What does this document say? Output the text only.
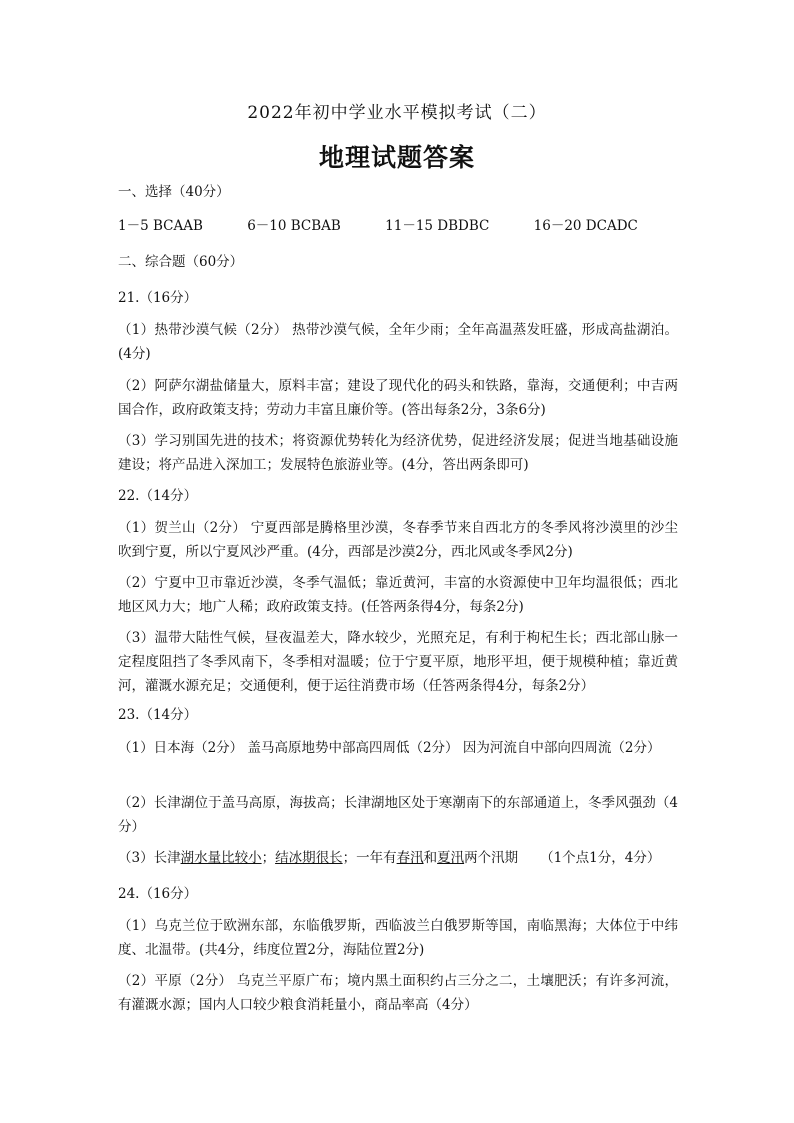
2022年初中学业水平模拟考试（二）
地理试题答案
一、选择（40分）
1－5 BCAAB	6－10 BCBAB	11－15 DBDBC	16－20 DCADC
二、综合题（60分）
21.（16分）
（1）热带沙漠气候（2分） 热带沙漠气候，全年少雨；全年高温蒸发旺盛，形成高盐湖泊。(4分)
（2）阿萨尔湖盐储量大，原料丰富；建设了现代化的码头和铁路，靠海，交通便利；中吉两国合作，政府政策支持；劳动力丰富且廉价等。(答出每条2分，3条6分)
（3）学习别国先进的技术；将资源优势转化为经济优势，促进经济发展；促进当地基础设施建设；将产品进入深加工；发展特色旅游业等。(4分，答出两条即可)
22.（14分）
（1）贺兰山（2分） 宁夏西部是腾格里沙漠，冬春季节来自西北方的冬季风将沙漠里的沙尘吹到宁夏，所以宁夏风沙严重。(4分，西部是沙漠2分，西北风或冬季风2分)
（2）宁夏中卫市靠近沙漠，冬季气温低；靠近黄河，丰富的水资源使中卫年均温很低；西北地区风力大；地广人稀；政府政策支持。(任答两条得4分，每条2分)
（3）温带大陆性气候，昼夜温差大，降水较少，光照充足，有利于枸杞生长；西北部山脉一定程度阻挡了冬季风南下，冬季相对温暖；位于宁夏平原，地形平坦，便于规模种植；靠近黄河，灌溉水源充足；交通便利，便于运往消费市场（任答两条得4分，每条2分）
23.（14分）
（1）日本海（2分） 盖马高原地势中部高四周低（2分） 因为河流自中部向四周流（2分）
（2）长津湖位于盖马高原，海拔高；长津湖地区处于寒潮南下的东部通道上，冬季风强劲（4分）
（3）长津湖水量比较小；结冰期很长；一年有春汛和夏汛两个汛期 （1个点1分，4分）
24.（16分）
（1）乌克兰位于欧洲东部，东临俄罗斯，西临波兰白俄罗斯等国，南临黑海；大体位于中纬度、北温带。(共4分，纬度位置2分，海陆位置2分)
（2）平原（2分） 乌克兰平原广布；境内黑土面积约占三分之二，土壤肥沃；有许多河流，有灌溉水源；国内人口较少粮食消耗量小，商品率高（4分）
